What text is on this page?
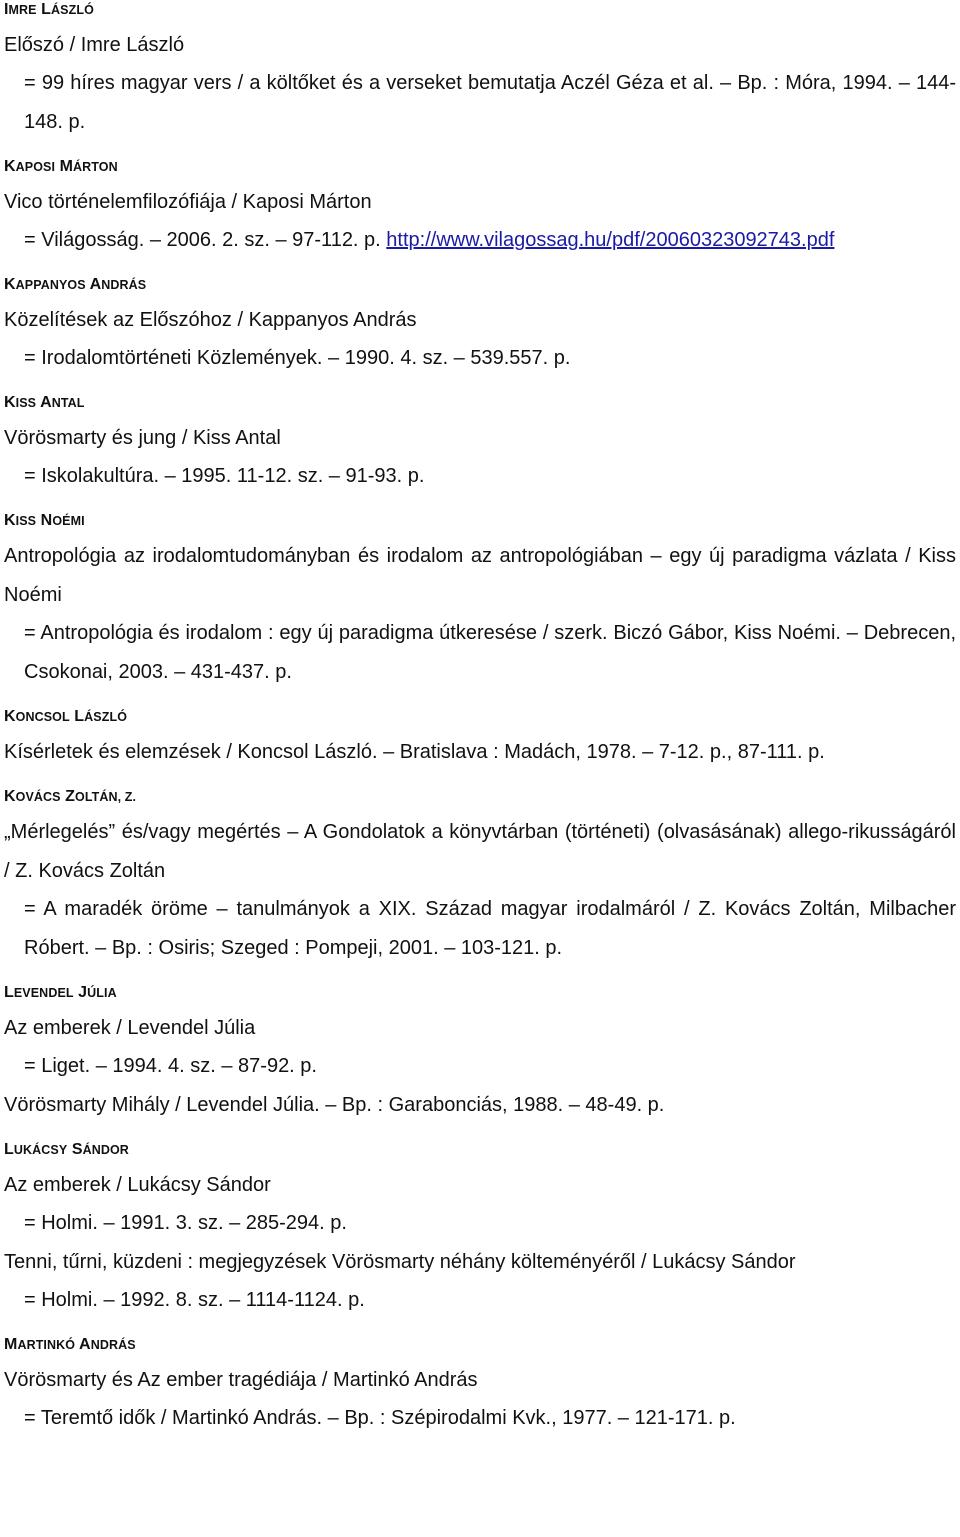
IMRE LÁSZLÓ
Előszó / Imre László
= 99 híres magyar vers / a költőket és a verseket bemutatja Aczél Géza et al. – Bp. : Móra, 1994. – 144-148. p.
KAPOSI MÁRTON
Vico történelemfilozófiája / Kaposi Márton
= Világosság. – 2006. 2. sz. – 97-112. p. http://www.vilagossag.hu/pdf/20060323092743.pdf
KAPPANYOS ANDRÁS
Közelítések az Előszóhoz / Kappanyos András
= Irodalomtörténeti Közlemények. – 1990. 4. sz. – 539.557. p.
KISS ANTAL
Vörösmarty és jung / Kiss Antal
= Iskolakultúra. – 1995. 11-12. sz. – 91-93. p.
KISS NOÉMI
Antropológia az irodalomtudományban és irodalom az antropológiában – egy új paradigma vázlata / Kiss Noémi
= Antropológia és irodalom : egy új paradigma útkeresése / szerk. Biczó Gábor, Kiss Noémi. – Debrecen, Csokonai, 2003. – 431-437. p.
KONCSOL LÁSZLÓ
Kísérletek és elemzések / Koncsol László. – Bratislava : Madách, 1978. – 7-12. p., 87-111. p.
KOVÁCS ZOLTÁN, Z.
„Mérlegelés” és/vagy megértés – A Gondolatok a könyvtárban (történeti) (olvasásának) allego-rikusságáról / Z. Kovács Zoltán
= A maradék öröme – tanulmányok a XIX. Század magyar irodalmáról / Z. Kovács Zoltán, Milbacher Róbert. – Bp. : Osiris; Szeged : Pompeji, 2001. – 103-121. p.
LEVENDEL JÚLIA
Az emberek / Levendel Júlia
= Liget. – 1994. 4. sz. – 87-92. p.
Vörösmarty Mihály / Levendel Júlia. – Bp. : Garabonciás, 1988. – 48-49. p.
LUKÁCSY SÁNDOR
Az emberek / Lukácsy Sándor
= Holmi. – 1991. 3. sz. – 285-294. p.
Tenni, tűrni, küzdeni : megjegyzések Vörösmarty néhány költeményéről / Lukácsy Sándor
= Holmi. – 1992. 8. sz. – 1114-1124. p.
MARTINKÓ ANDRÁS
Vörösmarty és Az ember tragédiája / Martinkó András
= Teremtő idők / Martinkó András. – Bp. : Szépirodalmi Kvk., 1977. – 121-171. p.
